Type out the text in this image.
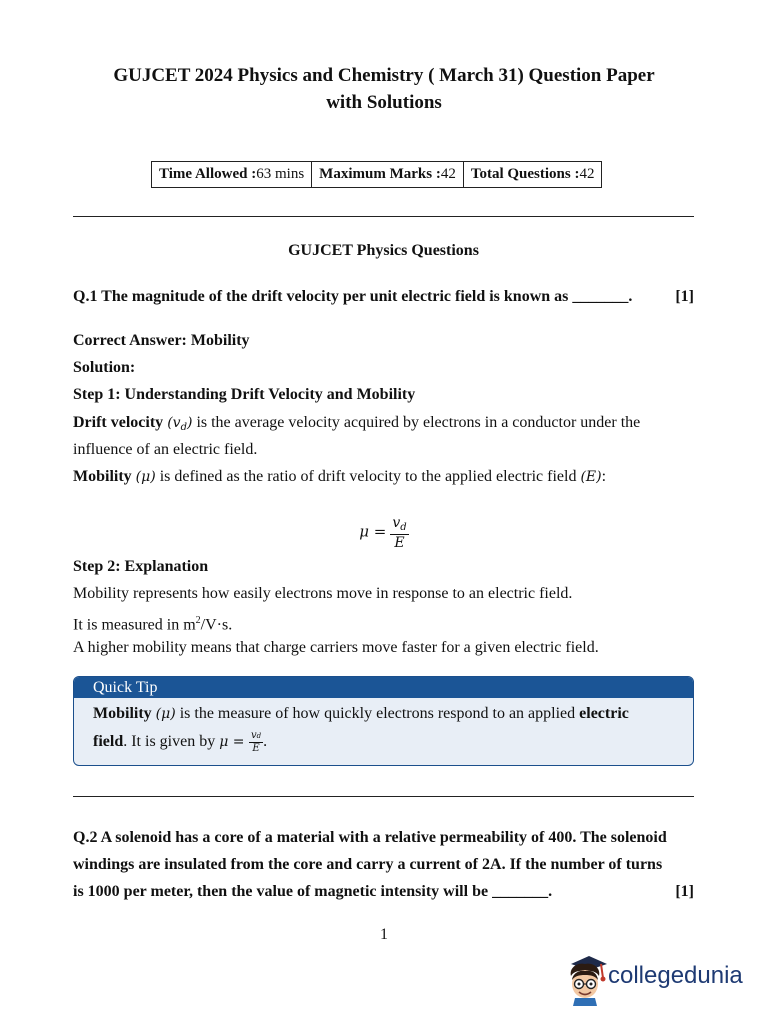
GUJCET 2024 Physics and Chemistry ( March 31) Question Paper
with Solutions
Time Allowed :63 mins	Maximum Marks :42	Total Questions :42
GUJCET Physics Questions
Q.1 The magnitude of the drift velocity per unit electric field is known as _______.	[1]
Correct Answer: Mobility
Solution:
Step 1: Understanding Drift Velocity and Mobility
Drift velocity $(v_d)$ is the average velocity acquired by electrons in a conductor under the
influence of an electric field.
Mobility (μ) is defined as the ratio of drift velocity to the applied electric field (E):
$\mu = \frac{v_d}{E}$
Step 2: Explanation
Mobility represents how easily electrons move in response to an electric field.
It is measured in $m^2/V\cdot s$.
A higher mobility means that charge carriers move faster for a given electric field.
Quick Tip
Mobility (μ) is the measure of how quickly electrons respond to an applied electric
field. It is given by $\mu = \frac{vd}{E}$ .
Q.2 A solenoid has a core of a material with a relative permeability of 400. The solenoid
windings are insulated from the core and carry a current of 2A. If the number of turns
is 1000 per meter, then the value of magnetic intensity will be _______.	[1]
1
collegedunia
